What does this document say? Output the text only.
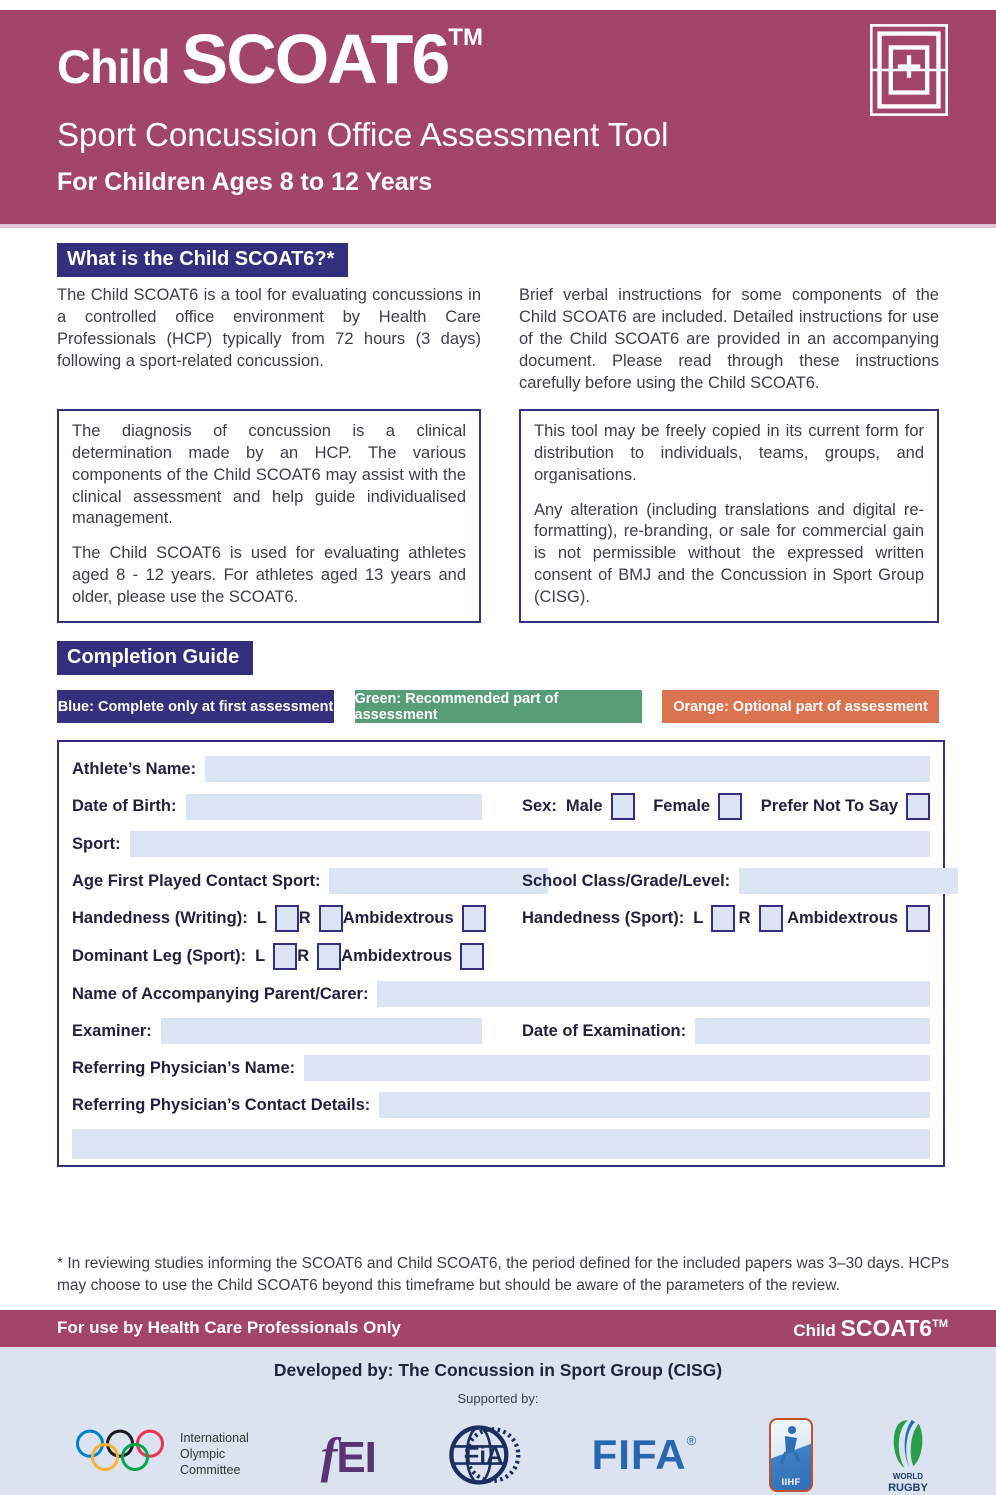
Child SCOAT6TM
Sport Concussion Office Assessment Tool
For Children Ages 8 to 12 Years
What is the Child SCOAT6?*

The Child SCOAT6 is a tool for evaluating concussions in a controlled office environment by Health Care Professionals (HCP) typically from 72 hours (3 days) following a sport-related concussion.

Brief verbal instructions for some components of the Child SCOAT6 are included. Detailed instructions for use of the Child SCOAT6 are provided in an accompanying document. Please read through these instructions carefully before using the Child SCOAT6.

The diagnosis of concussion is a clinical determination made by an HCP. The various components of the Child SCOAT6 may assist with the clinical assessment and help guide individualised management.

The Child SCOAT6 is used for evaluating athletes aged 8 - 12 years. For athletes aged 13 years and older, please use the SCOAT6.

This tool may be freely copied in its current form for distribution to individuals, teams, groups, and organisations.

Any alteration (including translations and digital re-formatting), re-branding, or sale for commercial gain is not permissible without the expressed written consent of BMJ and the Concussion in Sport Group (CISG).

Completion Guide
Blue: Complete only at first assessment Green: Recommended part of assessment	Orange: Optional part of assessment
Athlete’s Name:
Date of Birth:	Sex: Male	Female	Prefer Not To Say
Sport:
Age First Played Contact Sport:	School Class/Grade/Level:
Handedness (Writing): L R Ambidextrous	Handedness (Sport): L R Ambidextrous
Dominant Leg (Sport): L R Ambidextrous
Name of Accompanying Parent/Carer:
Examiner:	Date of Examination:
Referring Physician’s Name:
Referring Physician’s Contact Details:

* In reviewing studies informing the SCOAT6 and Child SCOAT6, the period defined for the included papers was 3–30 days. HCPs may choose to use the Child SCOAT6 beyond this timeframe but should be aware of the parameters of the review.

For use by Health Care Professionals Only	Child SCOAT6™
Developed by: The Concussion in Sport Group (CISG)
Supported by:
International
Olympic
Committee fEI	FiA FIFA®
IIHF
WORLD
RUGBY
